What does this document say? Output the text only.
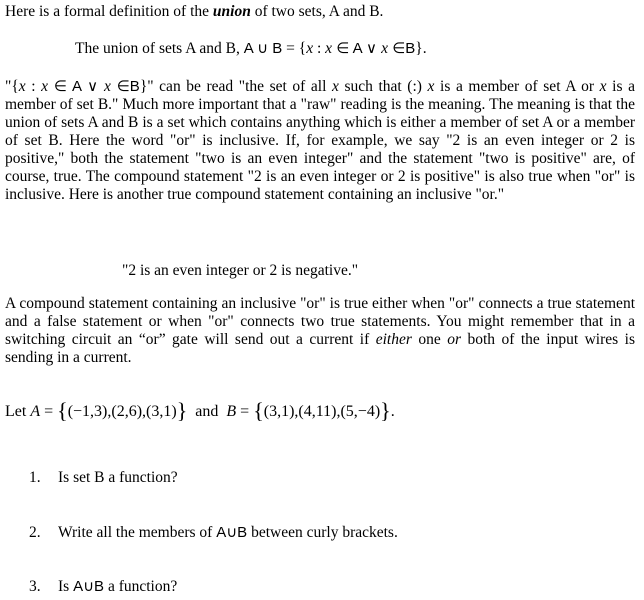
Here is a formal definition of the union of two sets, A and B.
The union of sets A and B, A ∪ B = {x : x ∈ A ∨ x ∈B}.
"{x : x ∈ A ∨ x ∈B}" can be read "the set of all x such that (:) x is a member of set A or x is a member of set B." Much more important that a "raw" reading is the meaning. The meaning is that the union of sets A and B is a set which contains anything which is either a member of set A or a member of set B. Here the word "or" is inclusive. If, for example, we say "2 is an even integer or 2 is positive," both the statement "two is an even integer" and the statement "two is positive" are, of course, true. The compound statement "2 is an even integer or 2 is positive" is also true when "or" is inclusive. Here is another true compound statement containing an inclusive "or."
"2 is an even integer or 2 is negative."
A compound statement containing an inclusive "or" is true either when "or" connects a true statement and a false statement or when "or" connects two true statements. You might remember that in a switching circuit an “or” gate will send out a current if either one or both of the input wires is sending in a current.
Let A = {(−1,3),(2,6),(3,1)}  and  B = {(3,1),(4,11),(5,−4)}.
1. Is set B a function?
2. Write all the members of A∪B between curly brackets.
3. Is A∪B a function?
